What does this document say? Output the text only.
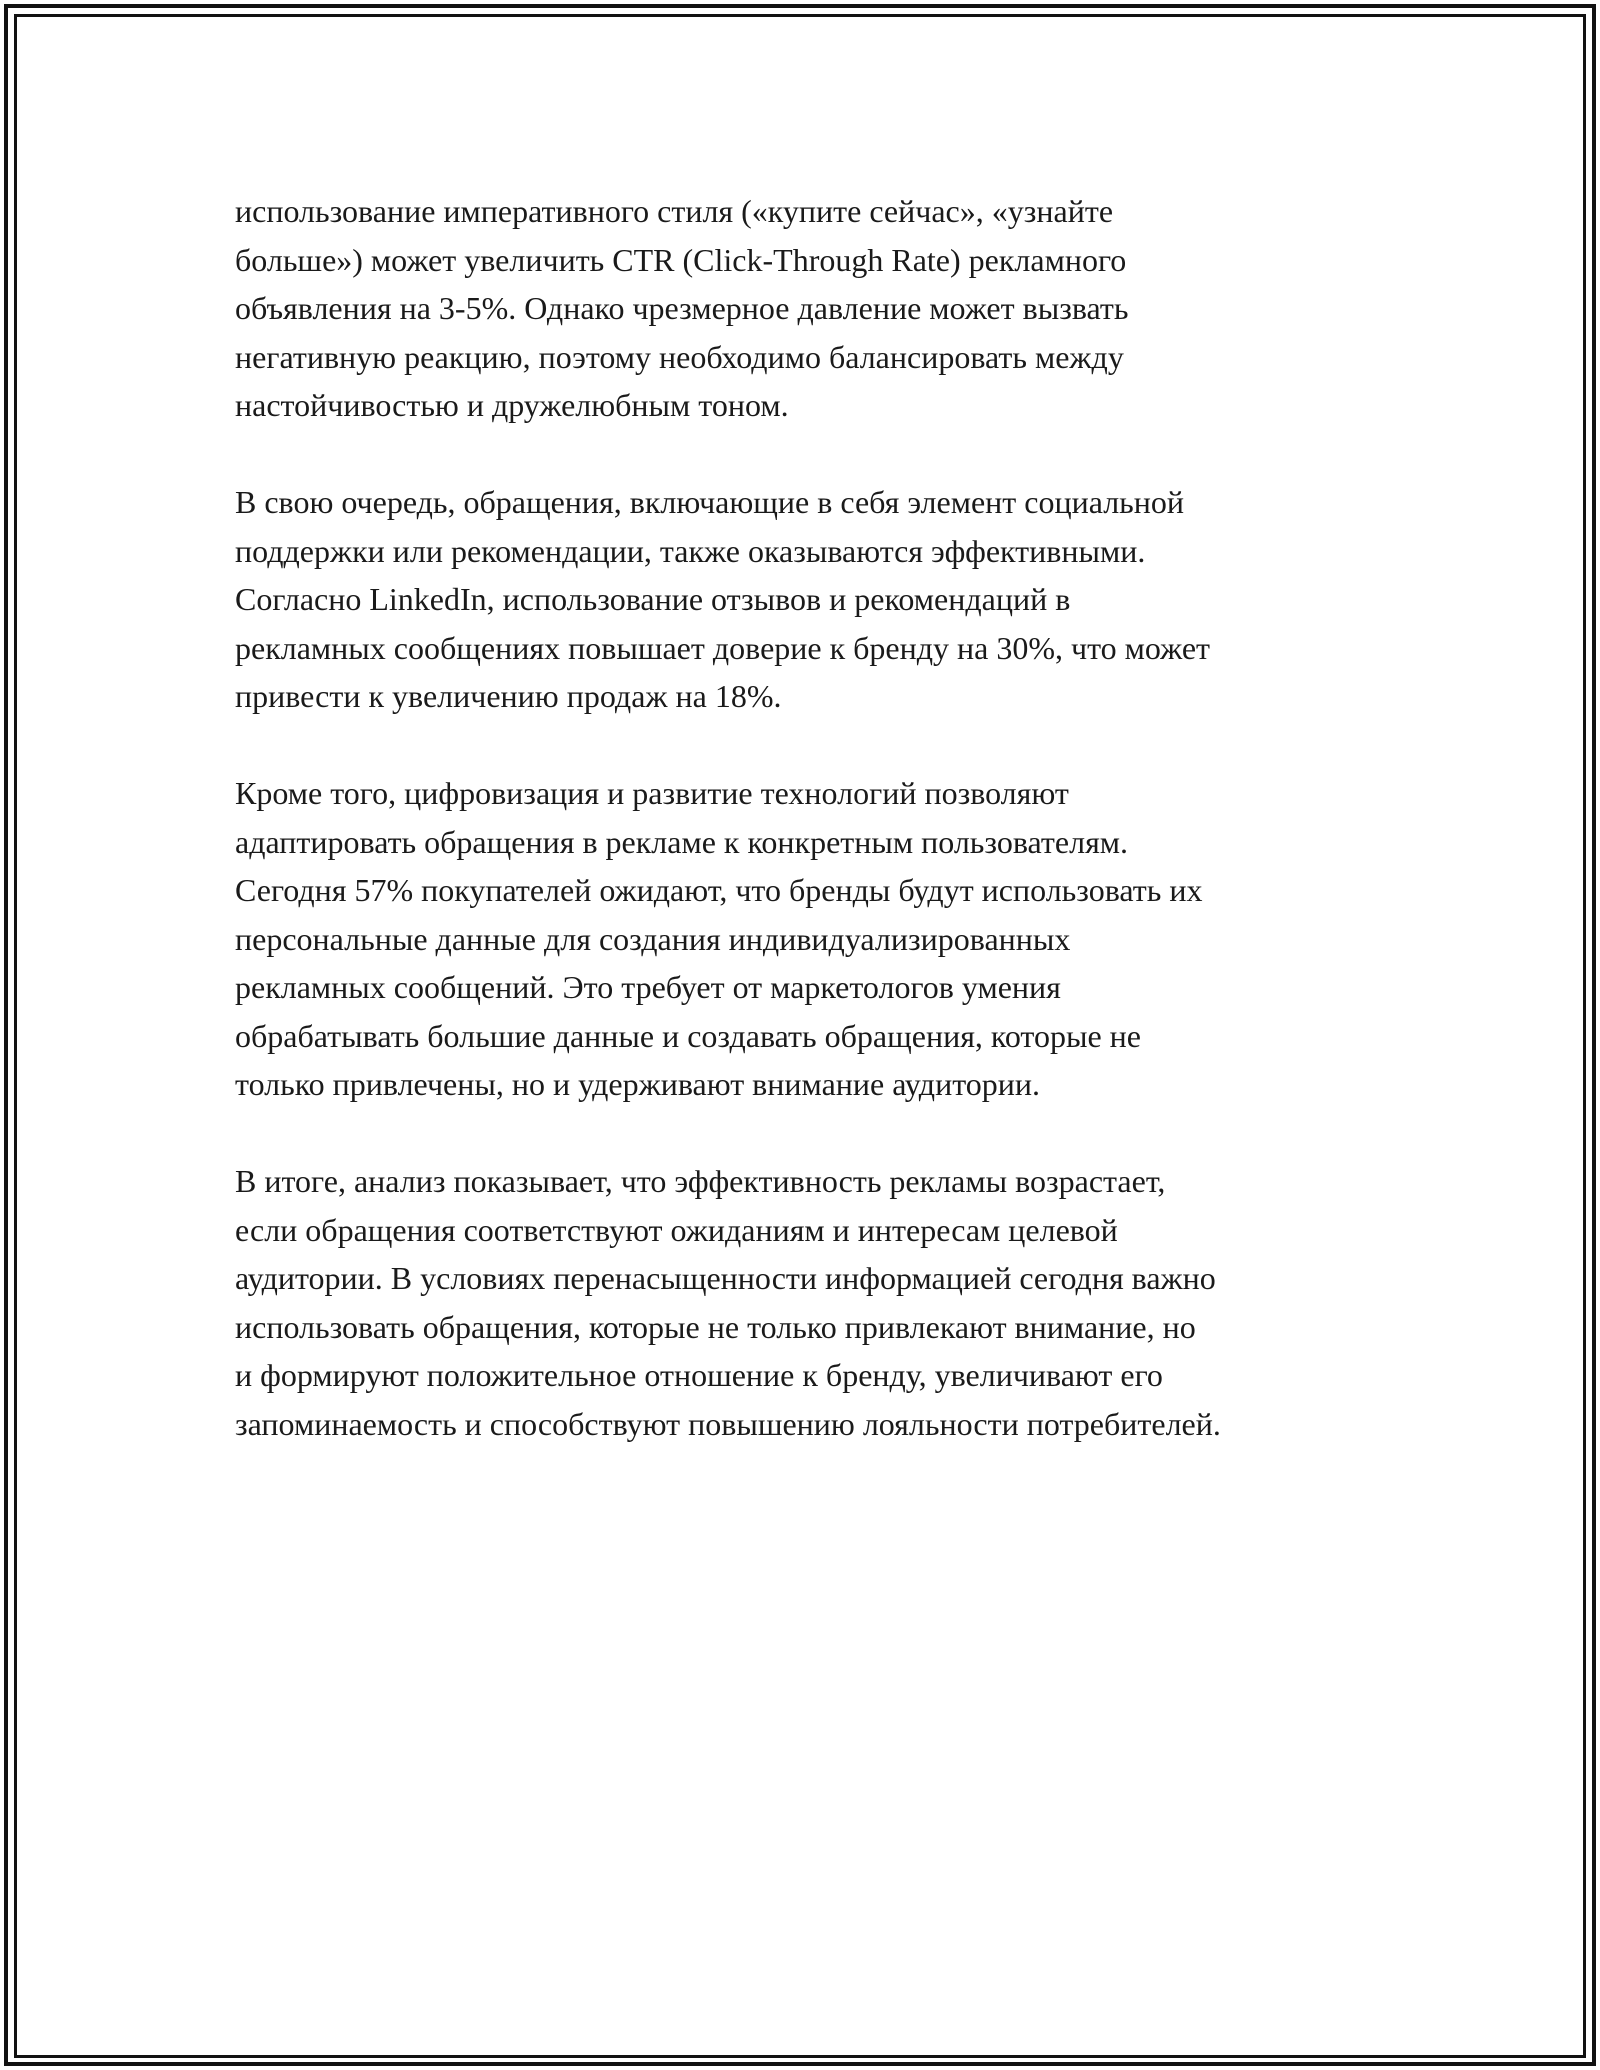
использование императивного стиля («купите сейчас», «узнайте
больше») может увеличить CTR (Click-Through Rate) рекламного
объявления на 3-5%. Однако чрезмерное давление может вызвать
негативную реакцию, поэтому необходимо балансировать между
настойчивостью и дружелюбным тоном.

В свою очередь, обращения, включающие в себя элемент социальной
поддержки или рекомендации, также оказываются эффективными.
Согласно LinkedIn, использование отзывов и рекомендаций в
рекламных сообщениях повышает доверие к бренду на 30%, что может
привести к увеличению продаж на 18%.

Кроме того, цифровизация и развитие технологий позволяют
адаптировать обращения в рекламе к конкретным пользователям.
Сегодня 57% покупателей ожидают, что бренды будут использовать их
персональные данные для создания индивидуализированных
рекламных сообщений. Это требует от маркетологов умения
обрабатывать большие данные и создавать обращения, которые не
только привлечены, но и удерживают внимание аудитории.

В итоге, анализ показывает, что эффективность рекламы возрастает,
если обращения соответствуют ожиданиям и интересам целевой
аудитории. В условиях перенасыщенности информацией сегодня важно
использовать обращения, которые не только привлекают внимание, но
и формируют положительное отношение к бренду, увеличивают его
запоминаемость и способствуют повышению лояльности потребителей.
